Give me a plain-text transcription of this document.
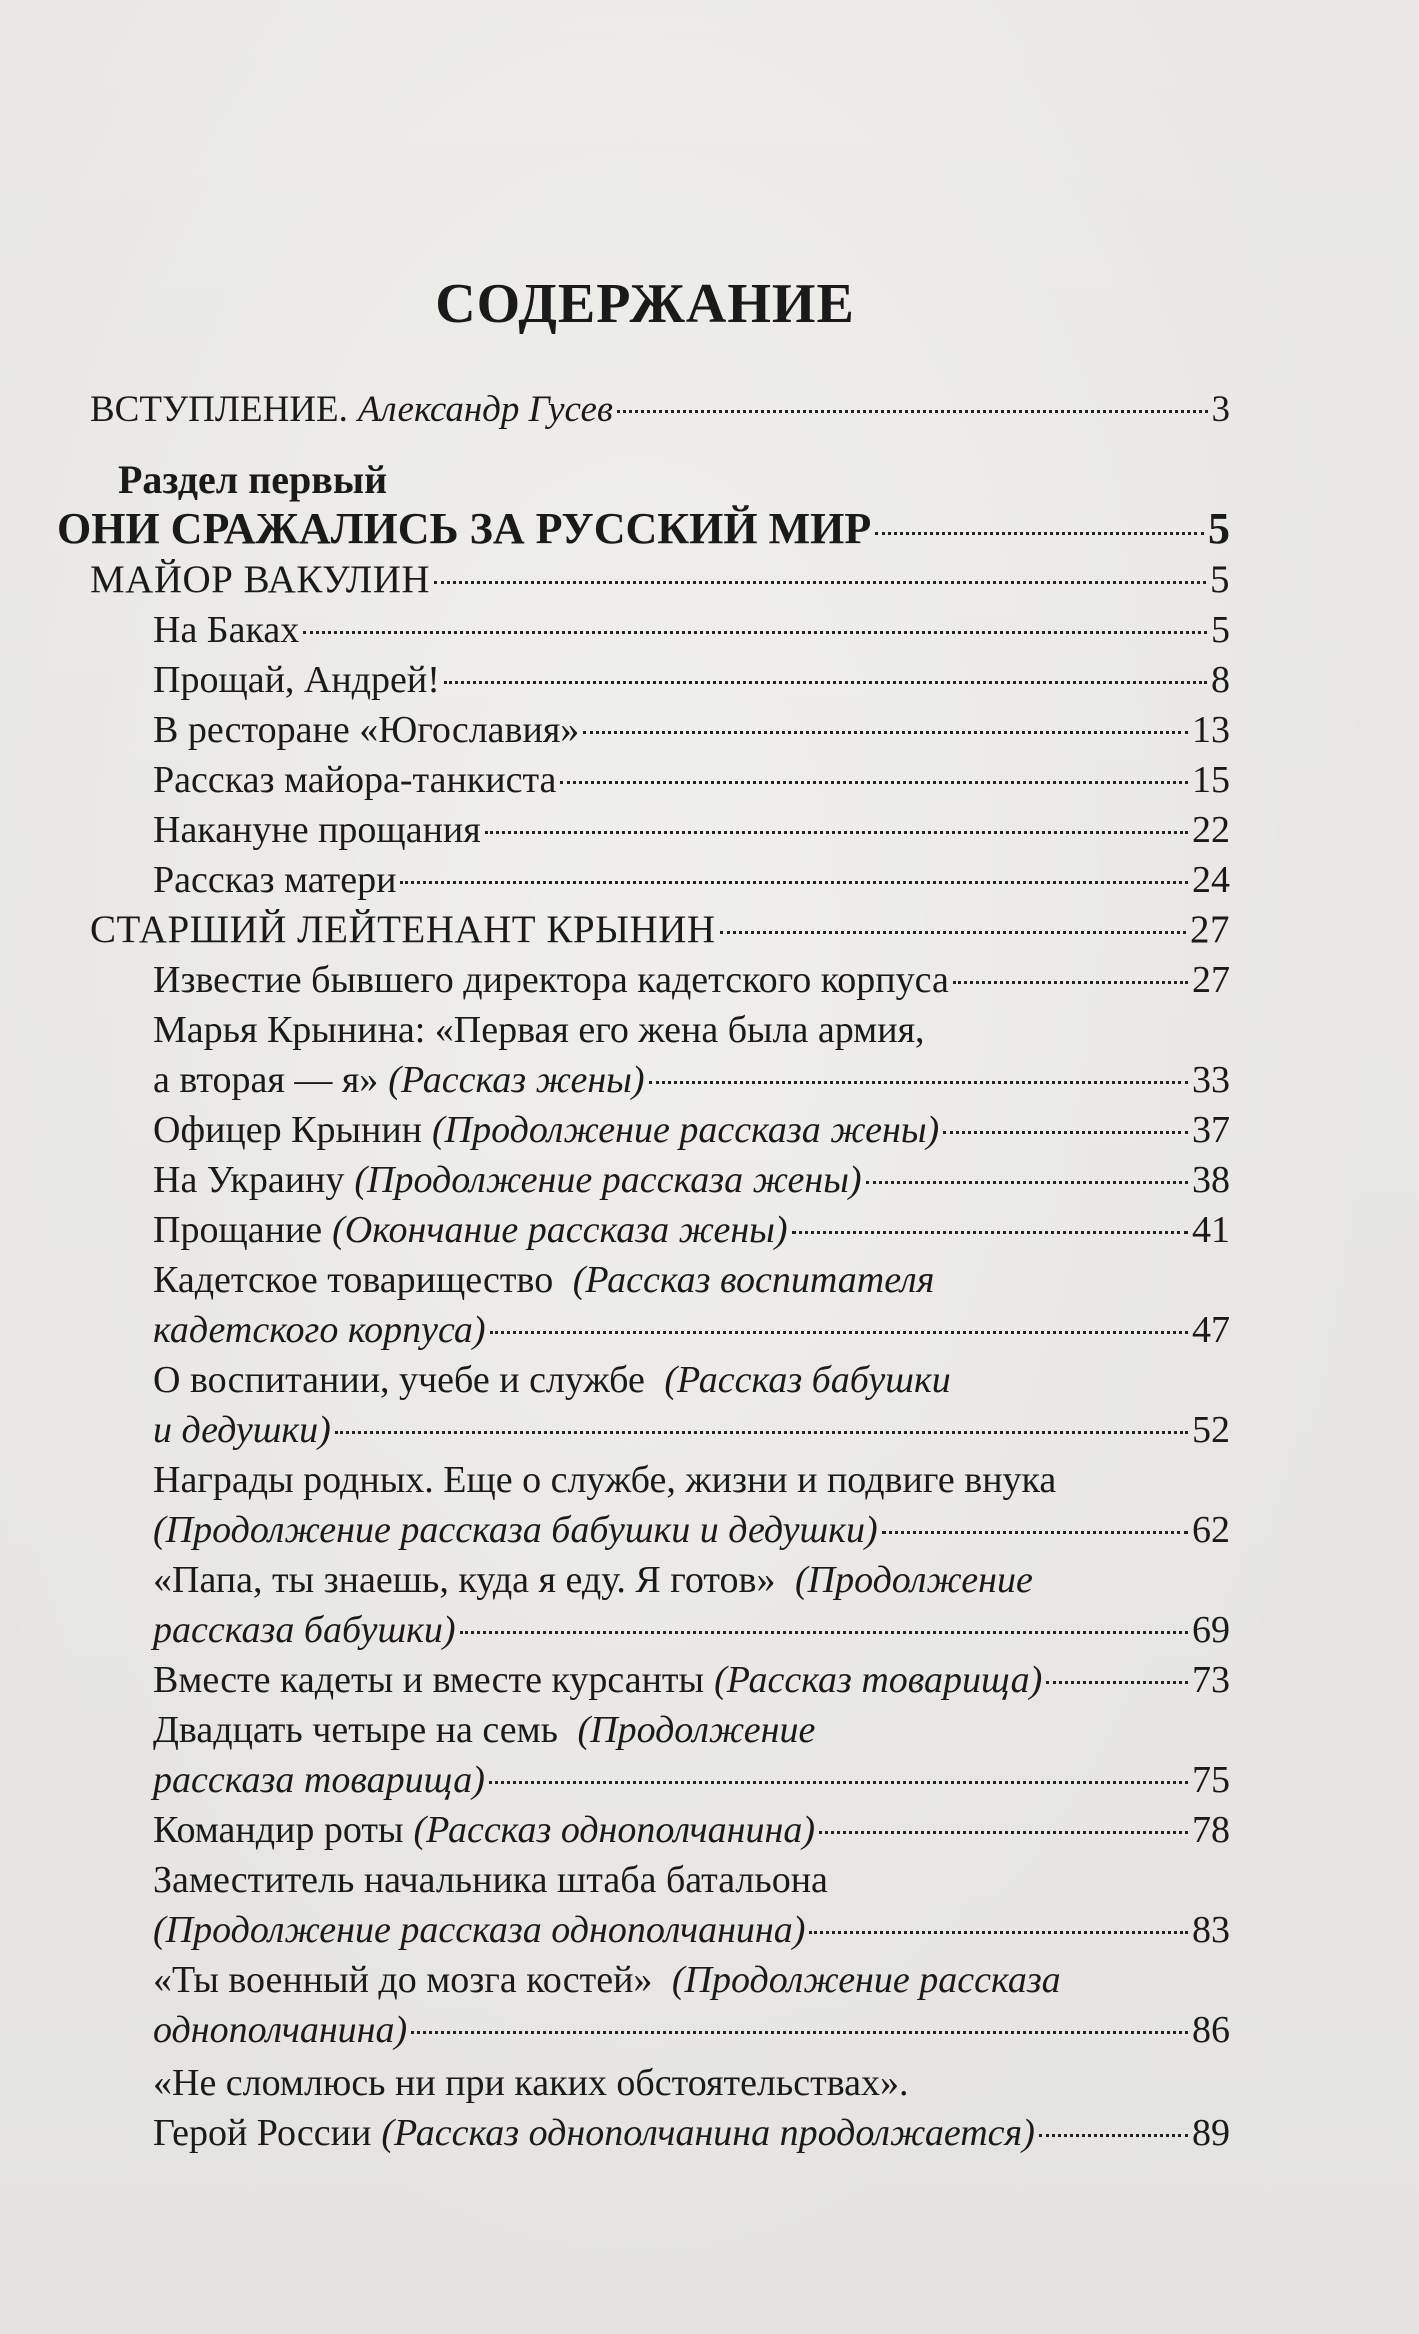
СОДЕРЖАНИЕ
ВСТУПЛЕНИЕ. Александр Гусев	3
Раздел первый
ОНИ СРАЖАЛИСЬ ЗА РУССКИЙ МИР	5
МАЙОР ВАКУЛИН	5
На Баках	5
Прощай, Андрей!	8
В ресторане «Югославия»	13
Рассказ майора-танкиста	15
Накануне прощания	22
Рассказ матери	24
СТАРШИЙ ЛЕЙТЕНАНТ КРЫНИН	27
Известие бывшего директора кадетского корпуса	27
Марья Крынина: «Первая его жена была армия,
а вторая — я» (Рассказ жены)	33
Офицер Крынин (Продолжение рассказа жены)	37
На Украину (Продолжение рассказа жены)	38
Прощание (Окончание рассказа жены)	41
Кадетское товарищество (Рассказ воспитателя
кадетского корпуса)	47
О воспитании, учебе и службе (Рассказ бабушки
и дедушки)	52
Награды родных. Еще о службе, жизни и подвиге внука
(Продолжение рассказа бабушки и дедушки)	62
«Папа, ты знаешь, куда я еду. Я готов» (Продолжение
рассказа бабушки)	69
Вместе кадеты и вместе курсанты (Рассказ товарища)	73
Двадцать четыре на семь (Продолжение
рассказа товарища)	75
Командир роты (Рассказ однополчанина)	78
Заместитель начальника штаба батальона
(Продолжение рассказа однополчанина)	83
«Ты военный до мозга костей» (Продолжение рассказа
однополчанина)	86
«Не сломлюсь ни при каких обстоятельствах».
Герой России (Рассказ однополчанина продолжается)	89
